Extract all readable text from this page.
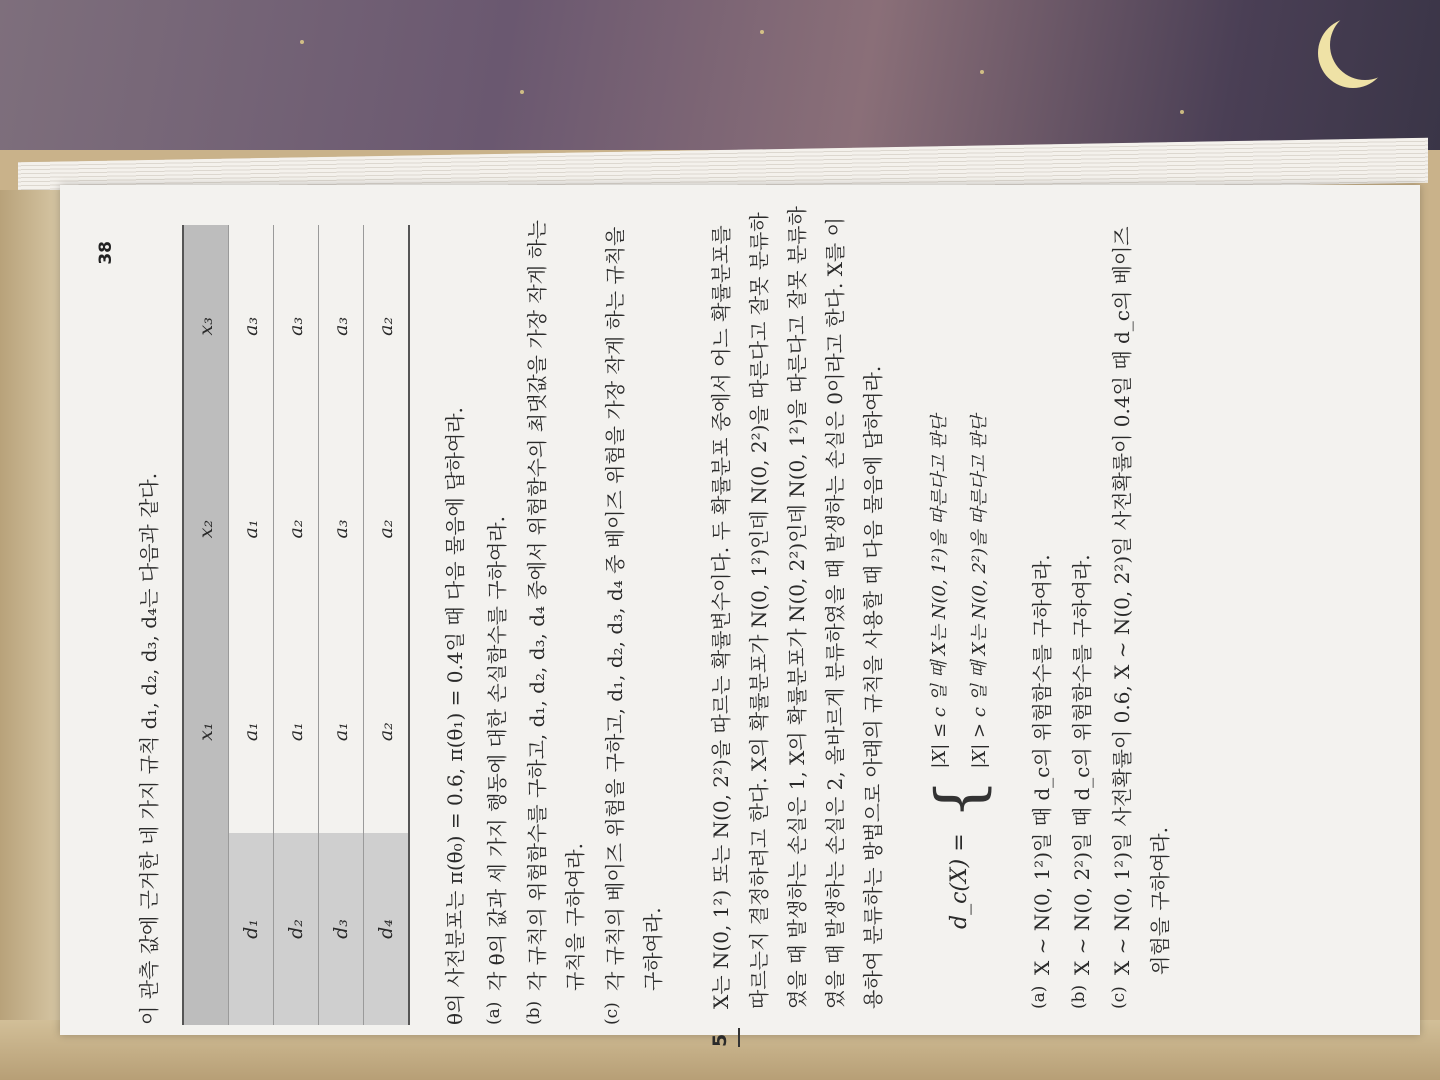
38

이 관측 값에 근거한 네 가지 규칙 d₁, d₂, d₃, d₄는 다음과 같다.

		x₁	x₂	x₃
d₁	a₁	a₁	a₃
d₂	a₁	a₂	a₃
d₃	a₁	a₃	a₃
d₄	a₂	a₂	a₂

θ의 사전분포는 π(θ₀) = 0.6, π(θ₁) = 0.4일 때 다음 물음에 답하여라.	(a)
각 θ의 값과 세 가지 행동에 대한 손실함수를 구하여라.
(b)
각 규칙의 위험함수를 구하고, d₁, d₂, d₃, d₄ 중에서 위험함수의 최댓값을 가장 작게 하는 규칙을 구하여라.
(c)
각 규칙의 베이즈 위험을 구하고, d₁, d₂, d₃, d₄ 중 베이즈 위험을 가장 작게 하는 규칙을 구하여라.
5

X는 N(0, 1²) 또는 N(0, 2²)을 따르는 확률변수이다. 두 확률분포 중에서 어느 확률분포를 따르는지 결정하려고 한다. X의 확률분포가 N(0, 1²)인데 N(0, 2²)을 따른다고 잘못 분류하였을 때 발생하는 손실은 1, X의 확률분포가 N(0, 2²)인데 N(0, 1²)을 따른다고 잘못 분류하였을 때 발생하는 손실은 2, 올바르게 분류하였을 때 발생하는 손실은 0이라고 한다. X를 이용하여 분류하는 방법으로 아래의 규칙을 사용할 때 다음 물음에 답하여라.	d_c(X) =
{
|X| ≤ c 일 때 X는 N(0, 1²)을 따른다고 판단	|X| > c 일 때 X는 N(0, 2²)을 따른다고 판단
(a)
X ~ N(0, 1²)일 때 d_c의 위험함수를 구하여라.
(b)
X ~ N(0, 2²)일 때 d_c의 위험함수를 구하여라.
(c)
X ~ N(0, 1²)일 사전확률이 0.6, X ~ N(0, 2²)일 사전확률이 0.4일 때 d_c의 베이즈 위험을 구하여라.
